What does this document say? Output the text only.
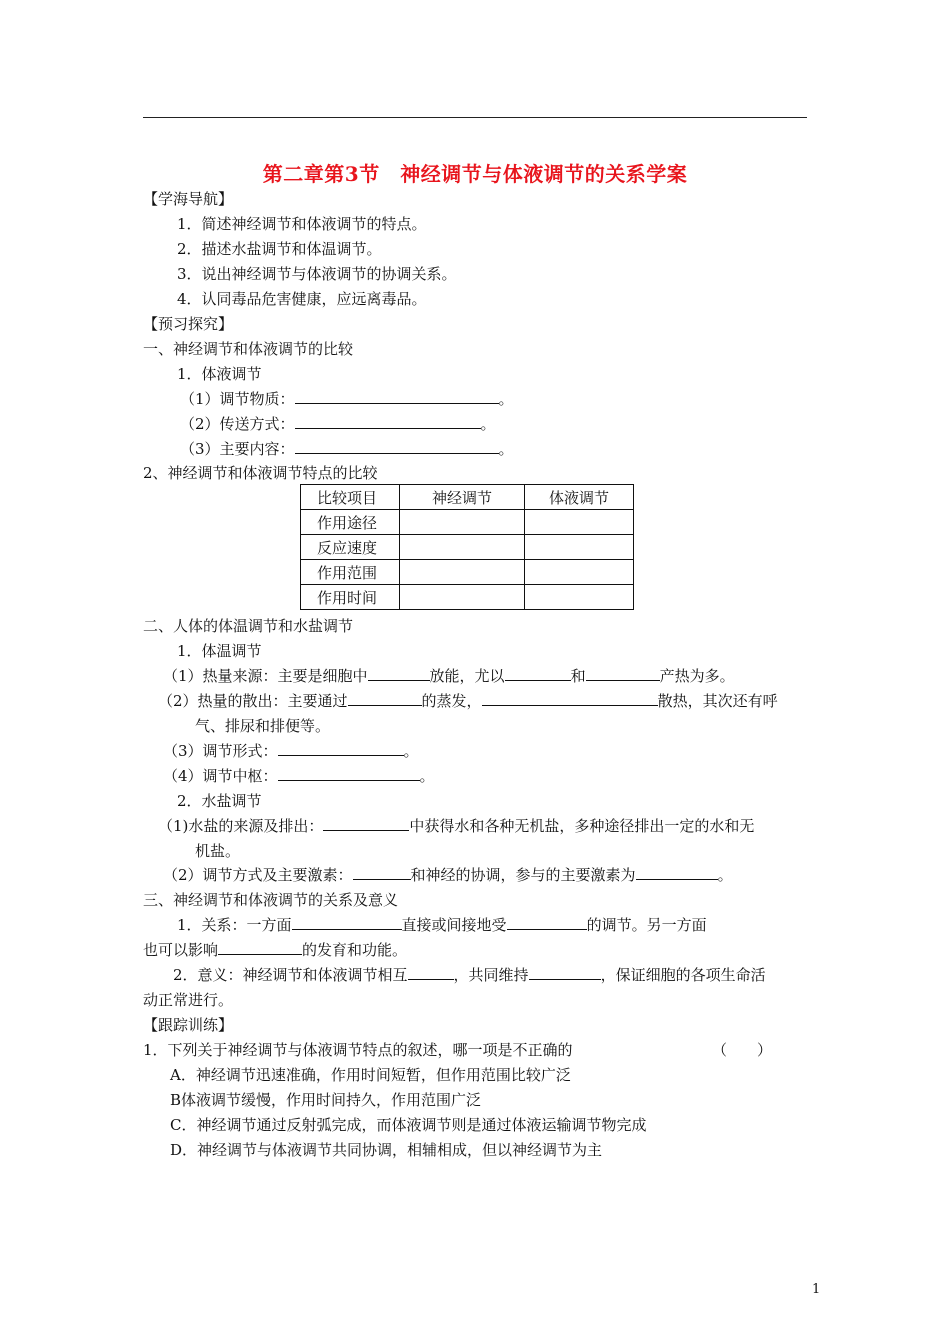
第二章第3节　神经调节与体液调节的关系学案
【学海导航】
1．简述神经调节和体液调节的特点。
2．描述水盐调节和体温调节。
3．说出神经调节与体液调节的协调关系。
4．认同毒品危害健康，应远离毒品。
【预习探究】
一、神经调节和体液调节的比较
1．体液调节
（1）调节物质：	。
（2）传送方式：	。
（3）主要内容：	。
2、神经调节和体液调节特点的比较
比较项目	神经调节	体液调节
作用途径		
反应速度		
作用范围		
作用时间		
二、人体的体温调节和水盐调节
1．体温调节
（1）热量来源：主要是细胞中	放能，尤以	和	产热为多。
（2）热量的散出：主要通过	的蒸发，	散热，其次还有呼
气、排尿和排便等。
（3）调节形式：	。
（4）调节中枢：	。
2．水盐调节
（1)水盐的来源及排出：	中获得水和各种无机盐，多种途径排出一定的水和无
机盐。
（2）调节方式及主要激素：	和神经的协调，参与的主要激素为	。
三、神经调节和体液调节的关系及意义
1．关系：一方面	直接或间接地受	的调节。另一方面
也可以影响	的发育和功能。
2．意义：神经调节和体液调节相互	，共同维持	，保证细胞的各项生命活
动正常进行。
【跟踪训练】
1．下列关于神经调节与体液调节特点的叙述，哪一项是不正确的	（　　）
A．神经调节迅速准确，作用时间短暂，但作用范围比较广泛
B体液调节缓慢，作用时间持久，作用范围广泛
C．神经调节通过反射弧完成，而体液调节则是通过体液运输调节物完成
D．神经调节与体液调节共同协调，相辅相成，但以神经调节为主
1
